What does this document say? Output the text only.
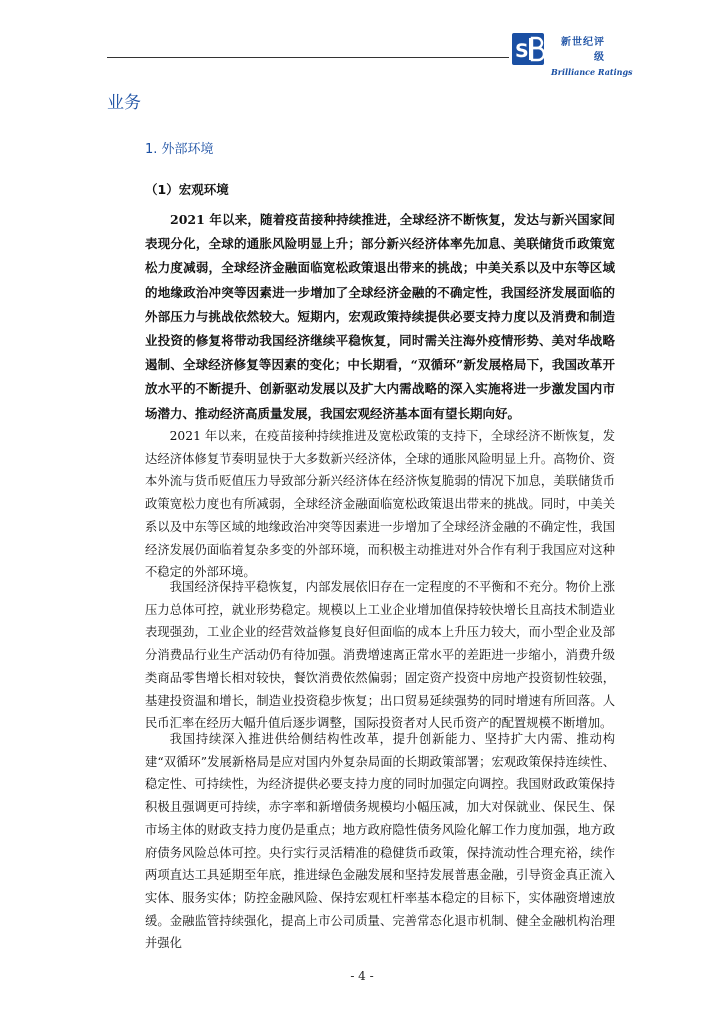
S	新世纪评级
Brilliance Ratings
业务
1. 外部环境
（1）宏观环境

2021 年以来，随着疫苗接种持续推进，全球经济不断恢复，发达与新兴国家间表现分化，全球的通胀风险明显上升；部分新兴经济体率先加息、美联储货币政策宽松力度减弱，全球经济金融面临宽松政策退出带来的挑战；中美关系以及中东等区域的地缘政治冲突等因素进一步增加了全球经济金融的不确定性，我国经济发展面临的外部压力与挑战依然较大。短期内，宏观政策持续提供必要支持力度以及消费和制造业投资的修复将带动我国经济继续平稳恢复，同时需关注海外疫情形势、美对华战略遏制、全球经济修复等因素的变化；中长期看，“双循环”新发展格局下，我国改革开放水平的不断提升、创新驱动发展以及扩大内需战略的深入实施将进一步激发国内市场潜力、推动经济高质量发展，我国宏观经济基本面有望长期向好。

2021 年以来，在疫苗接种持续推进及宽松政策的支持下，全球经济不断恢复，发达经济体修复节奏明显快于大多数新兴经济体，全球的通胀风险明显上升。高物价、资本外流与货币贬值压力导致部分新兴经济体在经济恢复脆弱的情况下加息，美联储货币政策宽松力度也有所减弱，全球经济金融面临宽松政策退出带来的挑战。同时，中美关系以及中东等区域的地缘政治冲突等因素进一步增加了全球经济金融的不确定性，我国经济发展仍面临着复杂多变的外部环境，而积极主动推进对外合作有利于我国应对这种不稳定的外部环境。

我国经济保持平稳恢复，内部发展依旧存在一定程度的不平衡和不充分。物价上涨压力总体可控，就业形势稳定。规模以上工业企业增加值保持较快增长且高技术制造业表现强劲，工业企业的经营效益修复良好但面临的成本上升压力较大，而小型企业及部分消费品行业生产活动仍有待加强。消费增速离正常水平的差距进一步缩小，消费升级类商品零售增长相对较快，餐饮消费依然偏弱；固定资产投资中房地产投资韧性较强，基建投资温和增长，制造业投资稳步恢复；出口贸易延续强势的同时增速有所回落。人民币汇率在经历大幅升值后逐步调整，国际投资者对人民币资产的配置规模不断增加。

我国持续深入推进供给侧结构性改革，提升创新能力、坚持扩大内需、推动构建“双循环”发展新格局是应对国内外复杂局面的长期政策部署；宏观政策保持连续性、稳定性、可持续性，为经济提供必要支持力度的同时加强定向调控。我国财政政策保持积极且强调更可持续，赤字率和新增债务规模均小幅压减，加大对保就业、保民生、保市场主体的财政支持力度仍是重点；地方政府隐性债务风险化解工作力度加强，地方政府债务风险总体可控。央行实行灵活精准的稳健货币政策，保持流动性合理充裕，续作两项直达工具延期至年底，推进绿色金融发展和坚持发展普惠金融，引导资金真正流入实体、服务实体；防控金融风险、保持宏观杠杆率基本稳定的目标下，实体融资增速放缓。金融监管持续强化，提高上市公司质量、完善常态化退市机制、健全金融机构治理并强化

- 4 -
